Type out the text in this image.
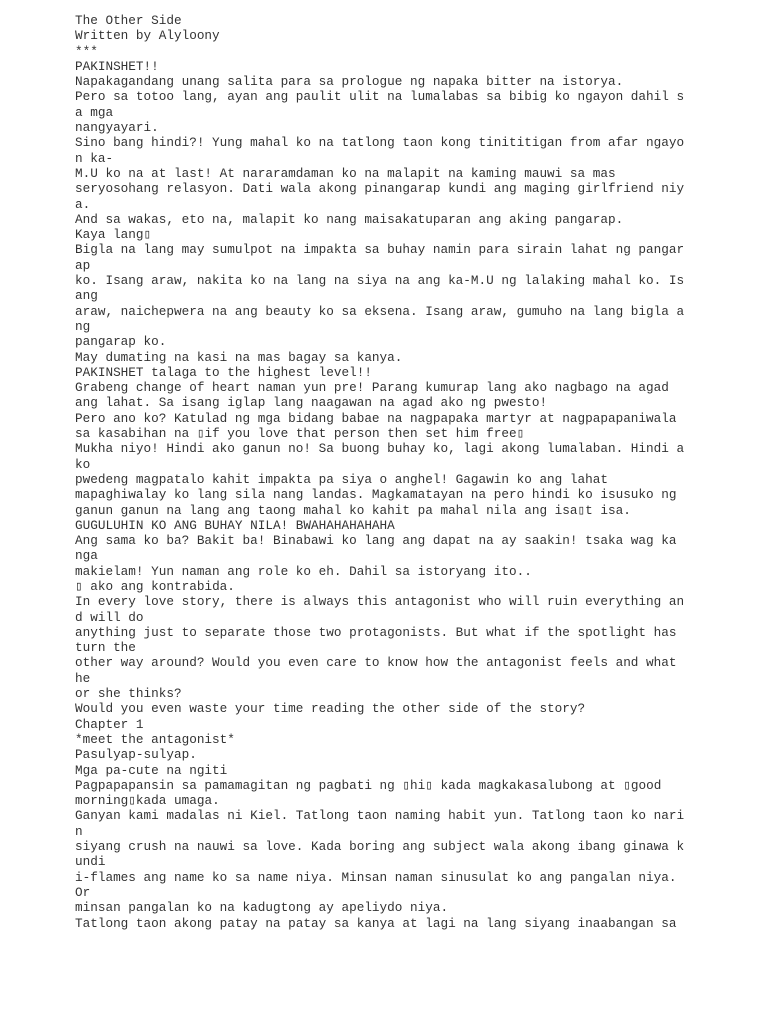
The Other Side
Written by Alyloony
***
PAKINSHET!!
Napakagandang unang salita para sa prologue ng napaka bitter na istorya.
Pero sa totoo lang, ayan ang paulit ulit na lumalabas sa bibig ko ngayon dahil s
a mga
nangyayari.
Sino bang hindi?! Yung mahal ko na tatlong taon kong tinititigan from afar ngayo
n ka-
M.U ko na at last! At nararamdaman ko na malapit na kaming mauwi sa mas
seryosohang relasyon. Dati wala akong pinangarap kundi ang maging girlfriend niy
a.
And sa wakas, eto na, malapit ko nang maisakatuparan ang aking pangarap.
Kaya lang▯
Bigla na lang may sumulpot na impakta sa buhay namin para sirain lahat ng pangar
ap
ko. Isang araw, nakita ko na lang na siya na ang ka-M.U ng lalaking mahal ko. Is
ang
araw, naichepwera na ang beauty ko sa eksena. Isang araw, gumuho na lang bigla a
ng
pangarap ko.
May dumating na kasi na mas bagay sa kanya.
PAKINSHET talaga to the highest level!!
Grabeng change of heart naman yun pre! Parang kumurap lang ako nagbago na agad
ang lahat. Sa isang iglap lang naagawan na agad ako ng pwesto!
Pero ano ko? Katulad ng mga bidang babae na nagpapaka martyr at nagpapapaniwala
sa kasabihan na ▯if you love that person then set him free▯
Mukha niyo! Hindi ako ganun no! Sa buong buhay ko, lagi akong lumalaban. Hindi a
ko
pwedeng magpatalo kahit impakta pa siya o anghel! Gagawin ko ang lahat
mapaghiwalay ko lang sila nang landas. Magkamatayan na pero hindi ko isusuko ng
ganun ganun na lang ang taong mahal ko kahit pa mahal nila ang isa▯t isa.
GUGULUHIN KO ANG BUHAY NILA! BWAHAHAHAHAHA
Ang sama ko ba? Bakit ba! Binabawi ko lang ang dapat na ay saakin! tsaka wag ka
nga
makielam! Yun naman ang role ko eh. Dahil sa istoryang ito..
▯ ako ang kontrabida.
In every love story, there is always this antagonist who will ruin everything an
d will do
anything just to separate those two protagonists. But what if the spotlight has
turn the
other way around? Would you even care to know how the antagonist feels and what
he
or she thinks?
Would you even waste your time reading the other side of the story?
Chapter 1
*meet the antagonist*
Pasulyap-sulyap.
Mga pa-cute na ngiti
Pagpapapansin sa pamamagitan ng pagbati ng ▯hi▯ kada magkakasalubong at ▯good
morning▯kada umaga.
Ganyan kami madalas ni Kiel. Tatlong taon naming habit yun. Tatlong taon ko nari
n
siyang crush na nauwi sa love. Kada boring ang subject wala akong ibang ginawa k
undi
i-flames ang name ko sa name niya. Minsan naman sinusulat ko ang pangalan niya.
Or
minsan pangalan ko na kadugtong ay apeliydo niya.
Tatlong taon akong patay na patay sa kanya at lagi na lang siyang inaabangan sa
